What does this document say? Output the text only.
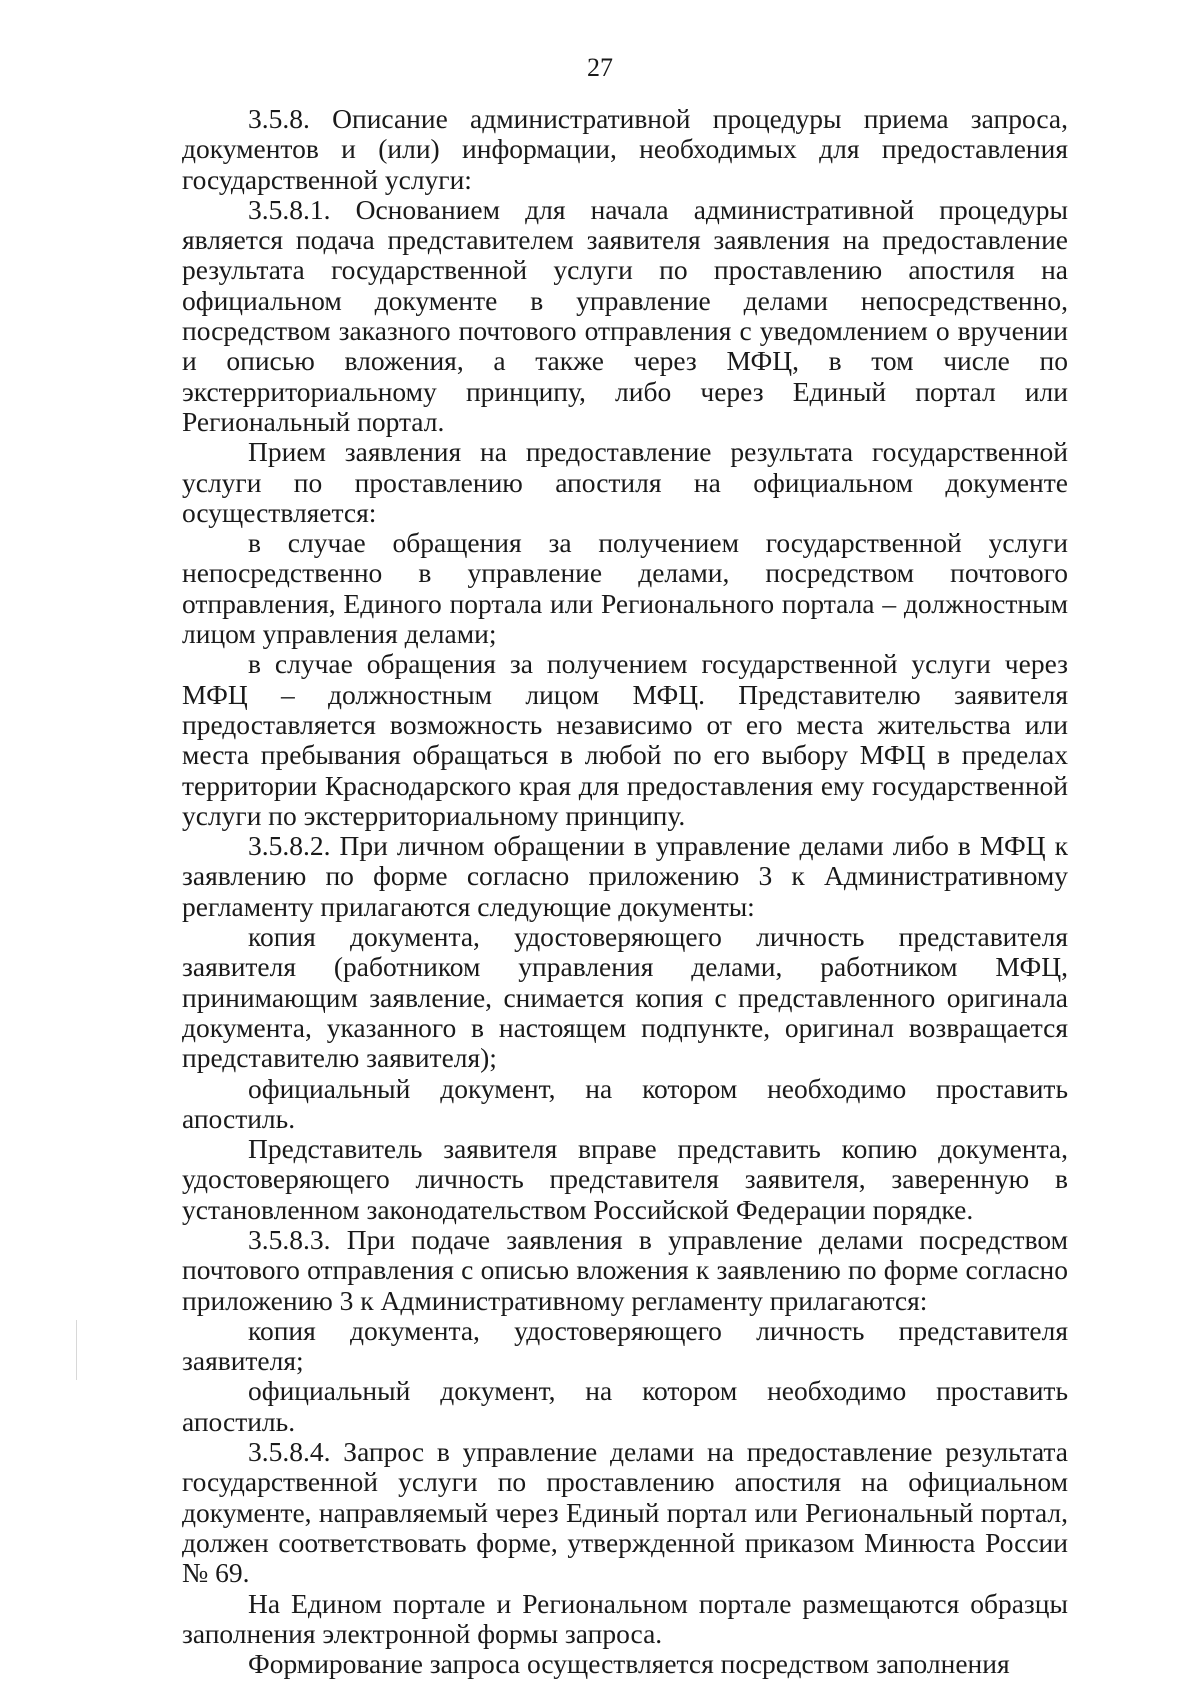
27

3.5.8. Описание административной процедуры приема запроса, документов и (или) информации, необходимых для предоставления государственной услуги:

3.5.8.1. Основанием для начала административной процедуры является подача представителем заявителя заявления на предоставление результата государственной услуги по проставлению апостиля на официальном документе в управление делами непосредственно, посредством заказного почтового отправления с уведомлением о вручении и описью вложения, а также через МФЦ, в том числе по экстерриториальному принципу, либо через Единый портал или Региональный портал.

Прием заявления на предоставление результата государственной услуги по проставлению апостиля на официальном документе осуществляется:

в случае обращения за получением государственной услуги непосредственно в управление делами, посредством почтового отправления, Единого портала или Регионального портала – должностным лицом управления делами;

в случае обращения за получением государственной услуги через МФЦ – должностным лицом МФЦ. Представителю заявителя предоставляется возможность независимо от его места жительства или места пребывания обращаться в любой по его выбору МФЦ в пределах территории Краснодарского края для предоставления ему государственной услуги по экстерриториальному принципу.

3.5.8.2. При личном обращении в управление делами либо в МФЦ к заявлению по форме согласно приложению 3 к Административному регламенту прилагаются следующие документы:

копия документа, удостоверяющего личность представителя заявителя (работником управления делами, работником МФЦ, принимающим заявление, снимается копия с представленного оригинала документа, указанного в настоящем подпункте, оригинал возвращается представителю заявителя);

официальный документ, на котором необходимо проставить апостиль.

Представитель заявителя вправе представить копию документа, удостоверяющего личность представителя заявителя, заверенную в установленном законодательством Российской Федерации порядке.

3.5.8.3. При подаче заявления в управление делами посредством почтового отправления с описью вложения к заявлению по форме согласно приложению 3 к Административному регламенту прилагаются:

копия документа, удостоверяющего личность представителя заявителя;

официальный документ, на котором необходимо проставить апостиль.

3.5.8.4. Запрос в управление делами на предоставление результата государственной услуги по проставлению апостиля на официальном документе, направляемый через Единый портал или Региональный портал, должен соответствовать форме, утвержденной приказом Минюста России № 69.

На Едином портале и Региональном портале размещаются образцы заполнения электронной формы запроса.

Формирование запроса осуществляется посредством заполнения
